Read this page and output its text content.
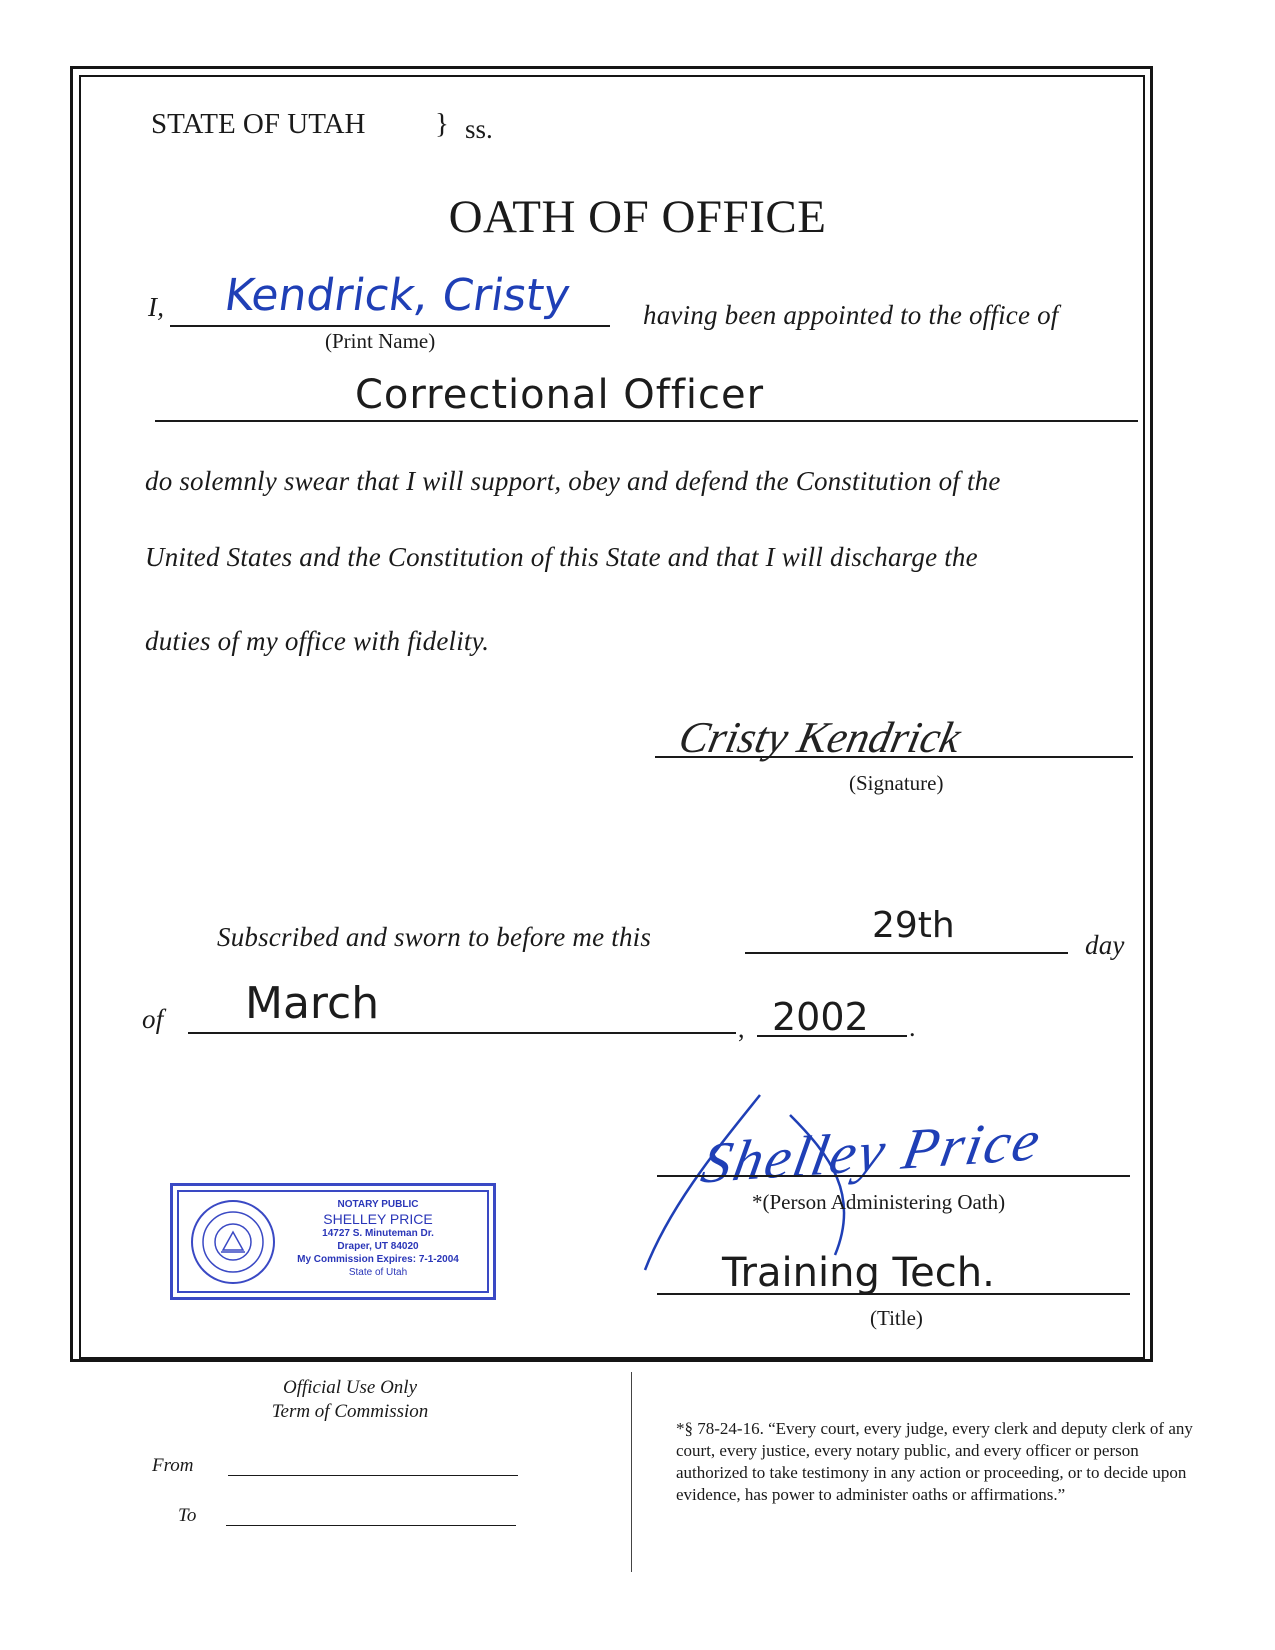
STATE OF UTAH } ss.
OATH OF OFFICE
I, Kendrick, Cristy
(Print Name)
having been appointed to the office of
Correctional Officer
do solemnly swear that I will support, obey and defend the Constitution of the
United States and the Constitution of this State and that I will discharge the
duties of my office with fidelity.
Cristy Kendrick
(Signature)
Subscribed and sworn to before me this	29th	day
of March	, 2002 .
Shelley Price
*(Person Administering Oath)
Training Tech.
(Title)
NOTARY PUBLIC
SHELLEY PRICE
14727 S. Minuteman Dr.
Draper, UT 84020
My Commission Expires: 7-1-2004
State of Utah
Official Use Only
Term of Commission
From
To
*§ 78-24-16. “Every court, every judge, every clerk and deputy clerk of any court, every justice, every notary public, and every officer or person authorized to take testimony in any action or proceeding, or to decide upon evidence, has power to administer oaths or affirmations.”
